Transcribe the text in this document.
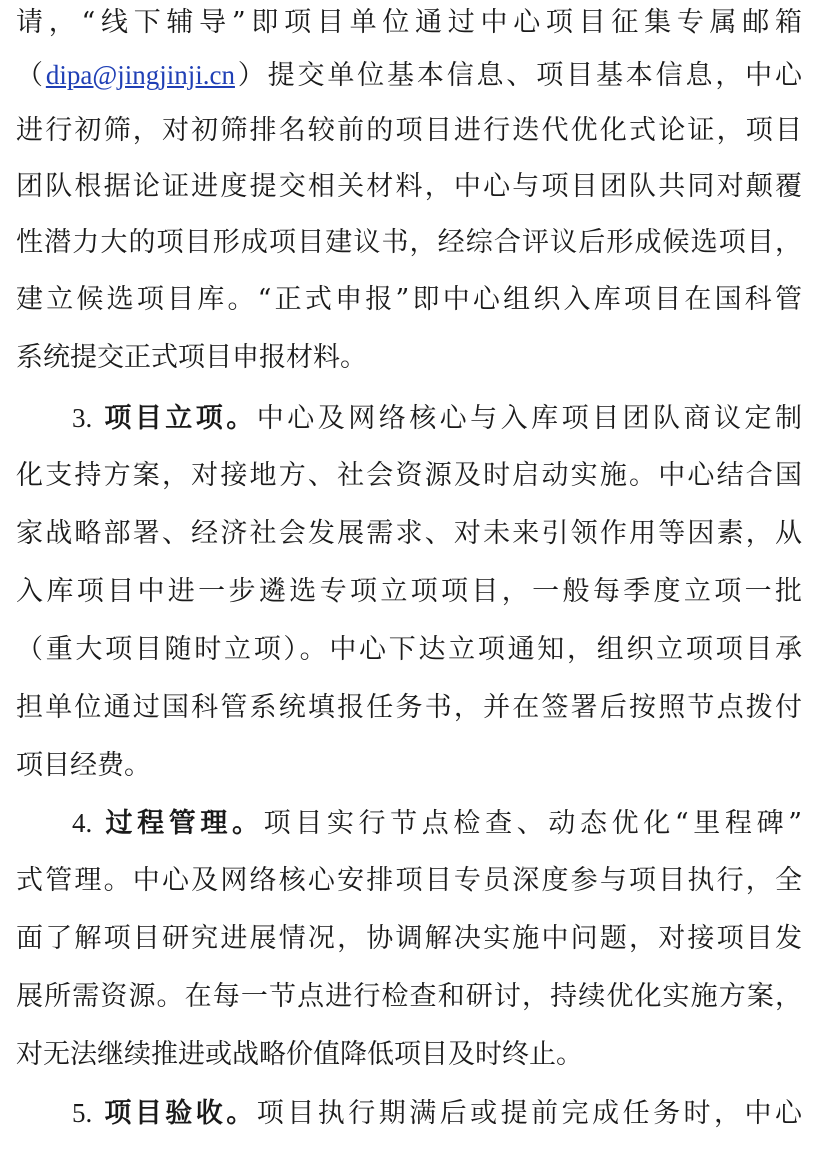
请，“线下辅导”即项目单位通过中心项目征集专属邮箱
（dipa@jingjinji.cn）提交单位基本信息、项目基本信息，中心
进行初筛，对初筛排名较前的项目进行迭代优化式论证，项目
团队根据论证进度提交相关材料，中心与项目团队共同对颠覆
性潜力大的项目形成项目建议书，经综合评议后形成候选项目，
建立候选项目库。“正式申报”即中心组织入库项目在国科管
系统提交正式项目申报材料。
3. 项目立项。中心及网络核心与入库项目团队商议定制
化支持方案，对接地方、社会资源及时启动实施。中心结合国
家战略部署、经济社会发展需求、对未来引领作用等因素，从
入库项目中进一步遴选专项立项项目，一般每季度立项一批
（重大项目随时立项）。中心下达立项通知，组织立项项目承
担单位通过国科管系统填报任务书，并在签署后按照节点拨付
项目经费。
4. 过程管理。项目实行节点检查、动态优化“里程碑”
式管理。中心及网络核心安排项目专员深度参与项目执行，全
面了解项目研究进展情况，协调解决实施中问题，对接项目发
展所需资源。在每一节点进行检查和研讨，持续优化实施方案，
对无法继续推进或战略价值降低项目及时终止。
5. 项目验收。项目执行期满后或提前完成任务时，中心
